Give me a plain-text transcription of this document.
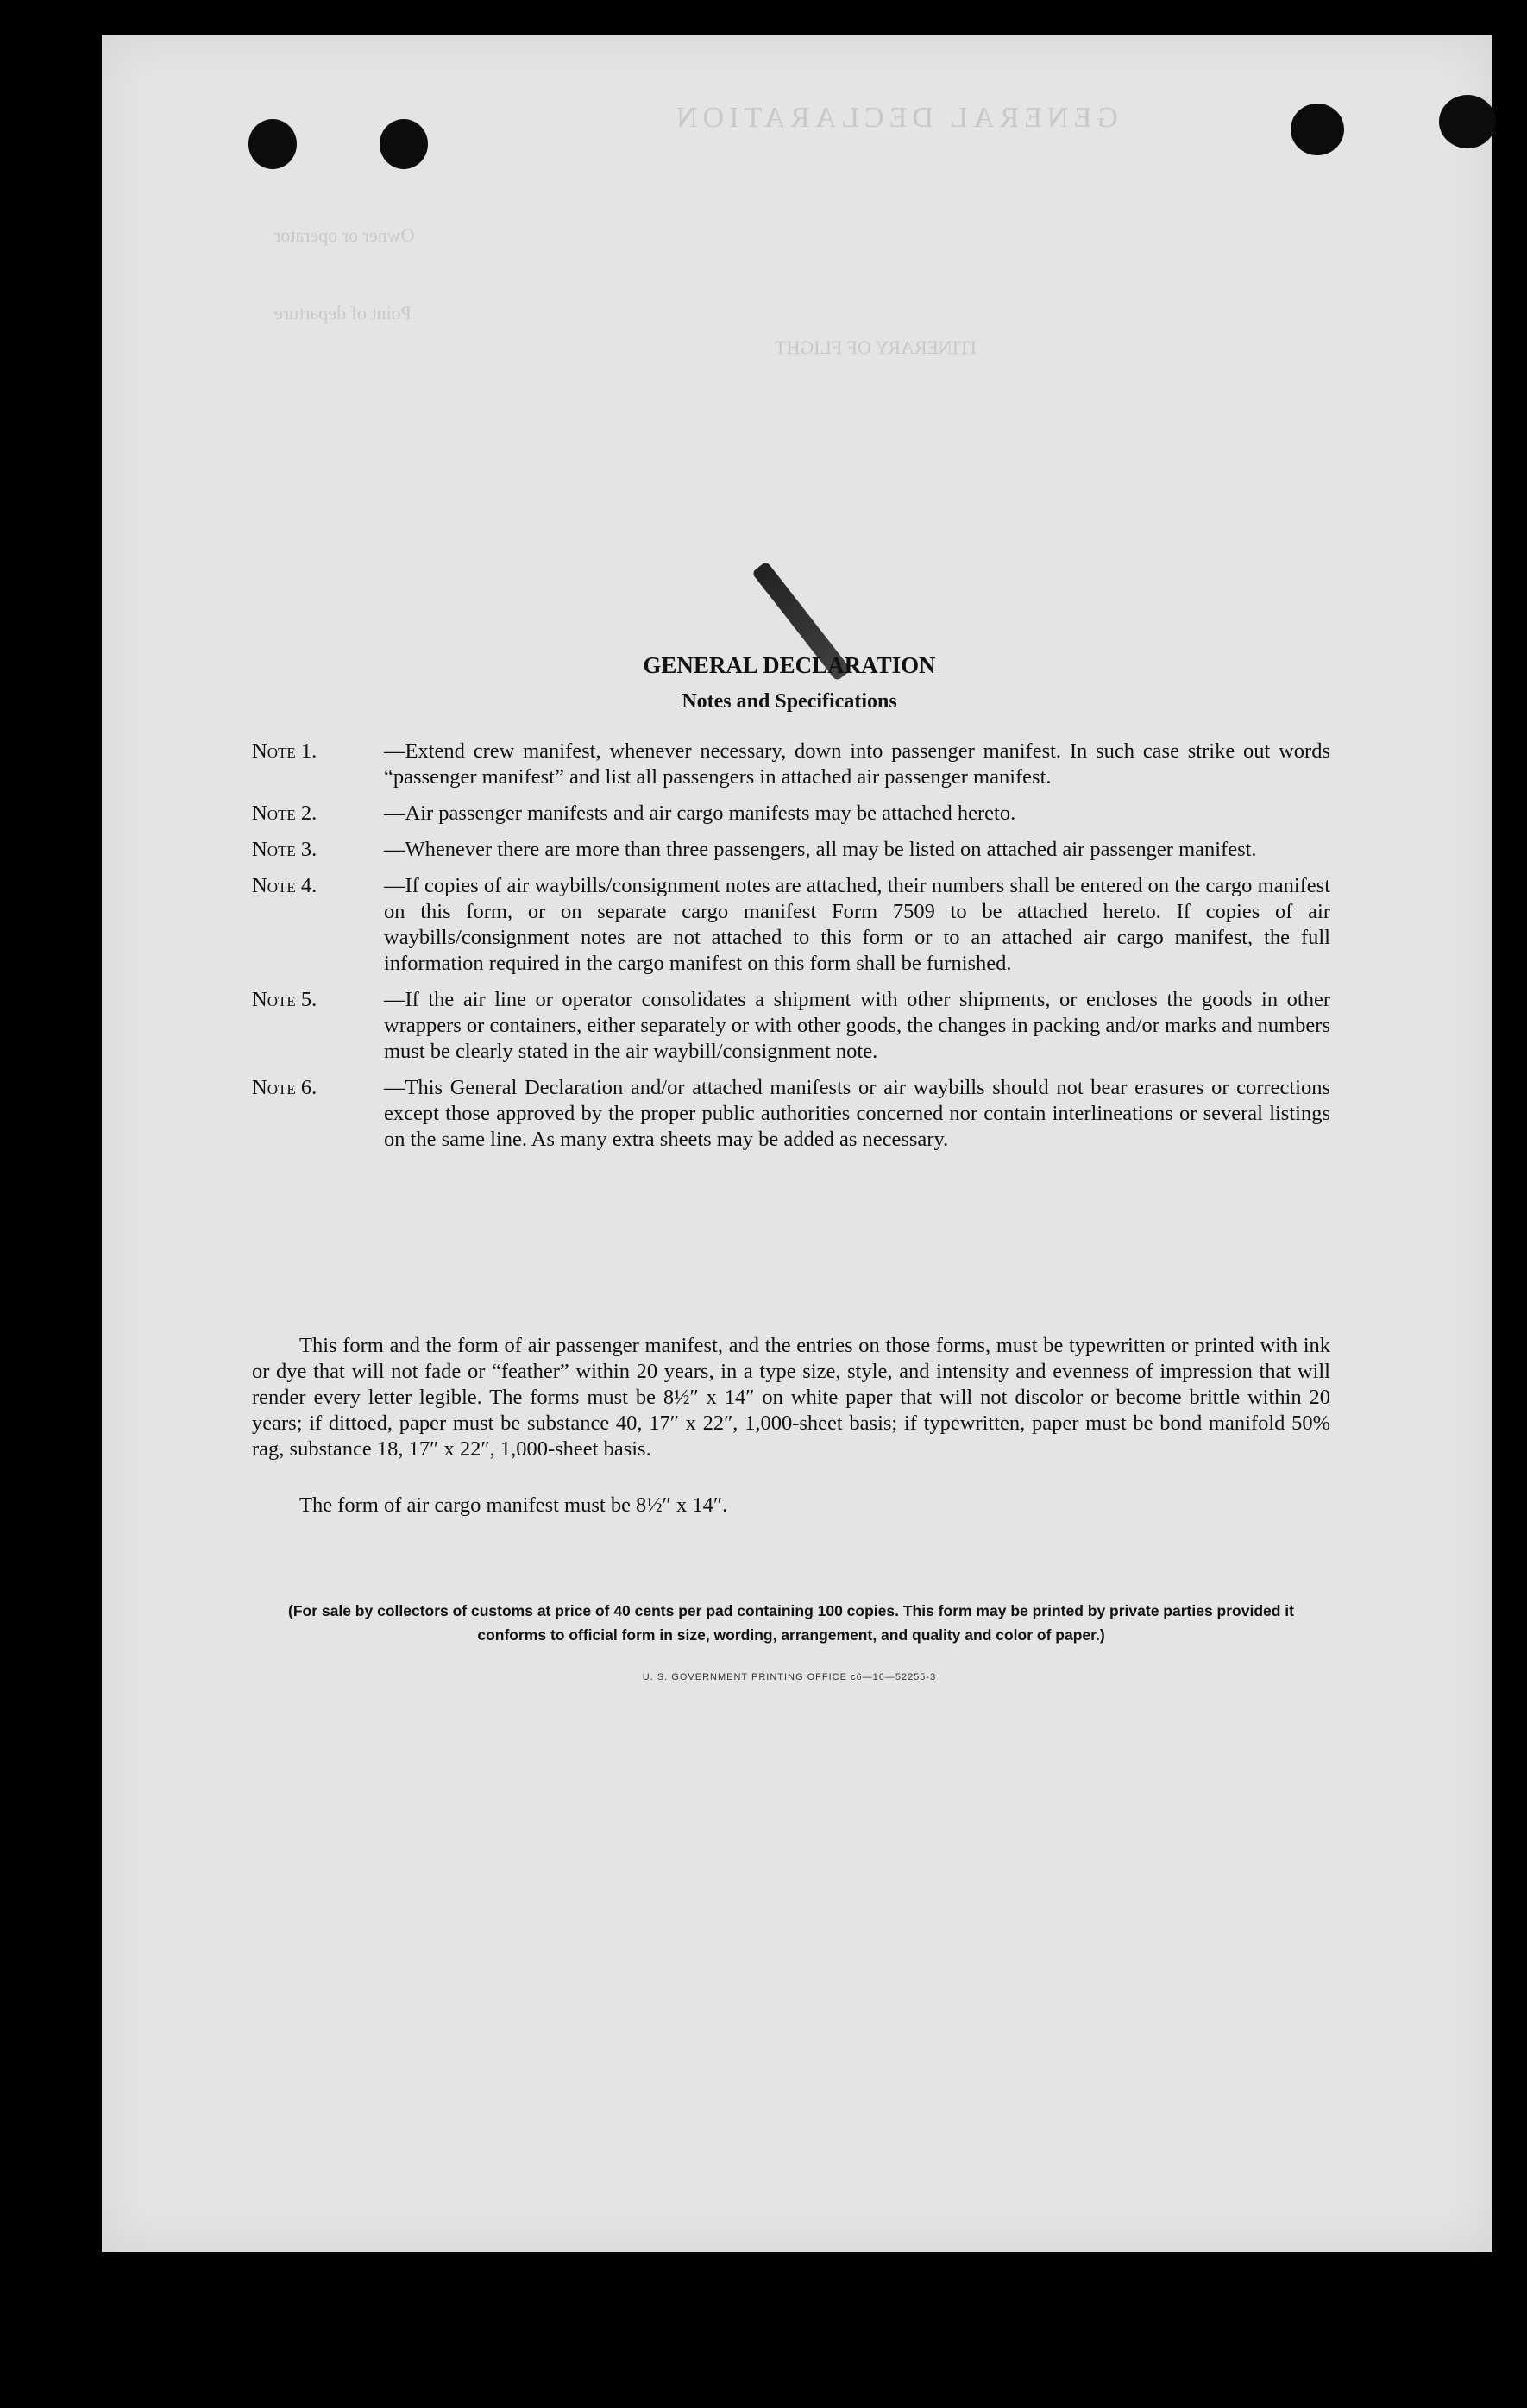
GENERAL DECLARATION
Owner or operator
Point of departure
ITINERARY OF FLIGHT
GENERAL DECLARATION
Notes and Specifications
Note 1.	—Extend crew manifest, whenever necessary, down into passenger manifest. In such case strike out words “passenger manifest” and list all passengers in attached air passenger manifest.
Note 2.	—Air passenger manifests and air cargo manifests may be attached hereto.
Note 3.	—Whenever there are more than three passengers, all may be listed on attached air passenger manifest.
Note 4.	—If copies of air waybills/consignment notes are attached, their numbers shall be entered on the cargo manifest on this form, or on separate cargo manifest Form 7509 to be attached hereto. If copies of air waybills/consignment notes are not attached to this form or to an attached air cargo manifest, the full information required in the cargo manifest on this form shall be furnished.
Note 5.	—If the air line or operator consolidates a shipment with other shipments, or encloses the goods in other wrappers or containers, either separately or with other goods, the changes in packing and/or marks and numbers must be clearly stated in the air waybill/consignment note.
Note 6.	—This General Declaration and/or attached manifests or air waybills should not bear erasures or corrections except those approved by the proper public authorities concerned nor contain interlineations or several listings on the same line. As many extra sheets may be added as necessary.
This form and the form of air passenger manifest, and the entries on those forms, must be typewritten or printed with ink or dye that will not fade or “feather” within 20 years, in a type size, style, and intensity and evenness of impression that will render every letter legible. The forms must be 8½″ x 14″ on white paper that will not discolor or become brittle within 20 years; if dittoed, paper must be substance 40, 17″ x 22″, 1,000-sheet basis; if typewritten, paper must be bond manifold 50% rag, substance 18, 17″ x 22″, 1,000-sheet basis.
The form of air cargo manifest must be 8½″ x 14″.
(For sale by collectors of customs at price of 40 cents per pad containing 100 copies. This form may be printed by private parties provided it conforms to official form in size, wording, arrangement, and quality and color of paper.)
U. S. GOVERNMENT PRINTING OFFICE c6—16—52255-3
